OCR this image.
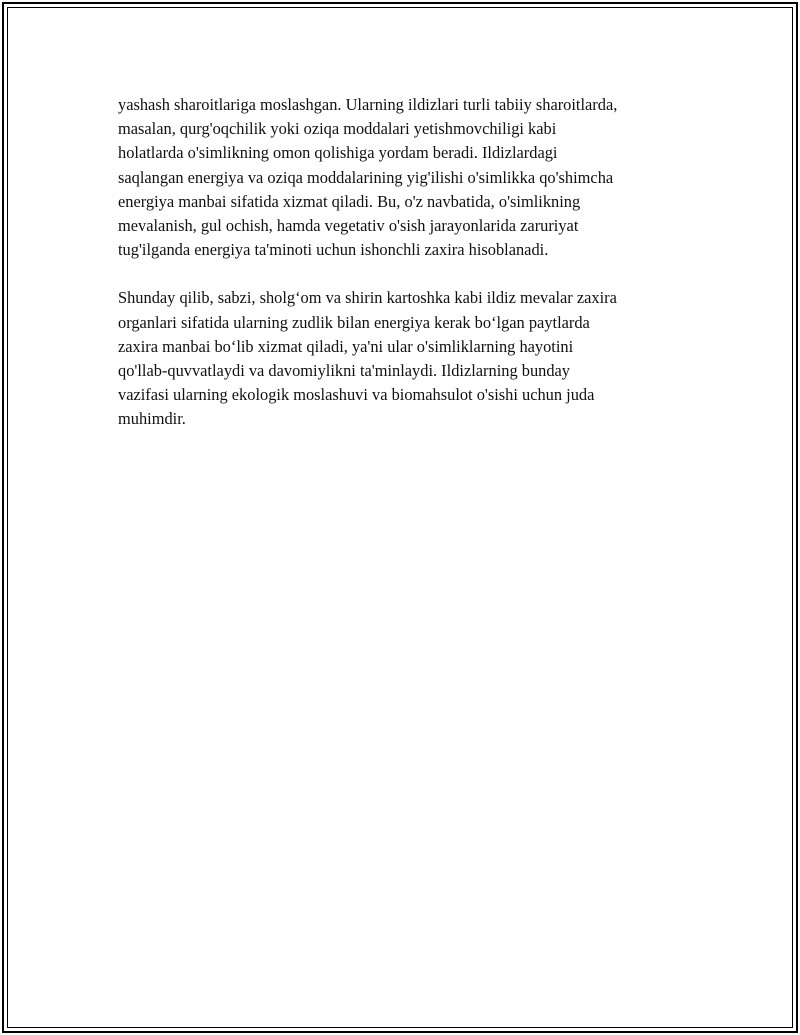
yashash sharoitlariga moslashgan. Ularning ildizlari turli tabiiy sharoitlarda,
masalan, qurg'oqchilik yoki oziqa moddalari yetishmovchiligi kabi
holatlarda o'simlikning omon qolishiga yordam beradi. Ildizlardagi
saqlangan energiya va oziqa moddalarining yig'ilishi o'simlikka qo'shimcha
energiya manbai sifatida xizmat qiladi. Bu, o'z navbatida, o'simlikning
mevalanish, gul ochish, hamda vegetativ o'sish jarayonlarida zaruriyat
tug'ilganda energiya ta'minoti uchun ishonchli zaxira hisoblanadi.

Shunday qilib, sabzi, sholg‘om va shirin kartoshka kabi ildiz mevalar zaxira
organlari sifatida ularning zudlik bilan energiya kerak bo‘lgan paytlarda
zaxira manbai bo‘lib xizmat qiladi, ya'ni ular o'simliklarning hayotini
qo'llab-quvvatlaydi va davomiylikni ta'minlaydi. Ildizlarning bunday
vazifasi ularning ekologik moslashuvi va biomahsulot o'sishi uchun juda
muhimdir.
